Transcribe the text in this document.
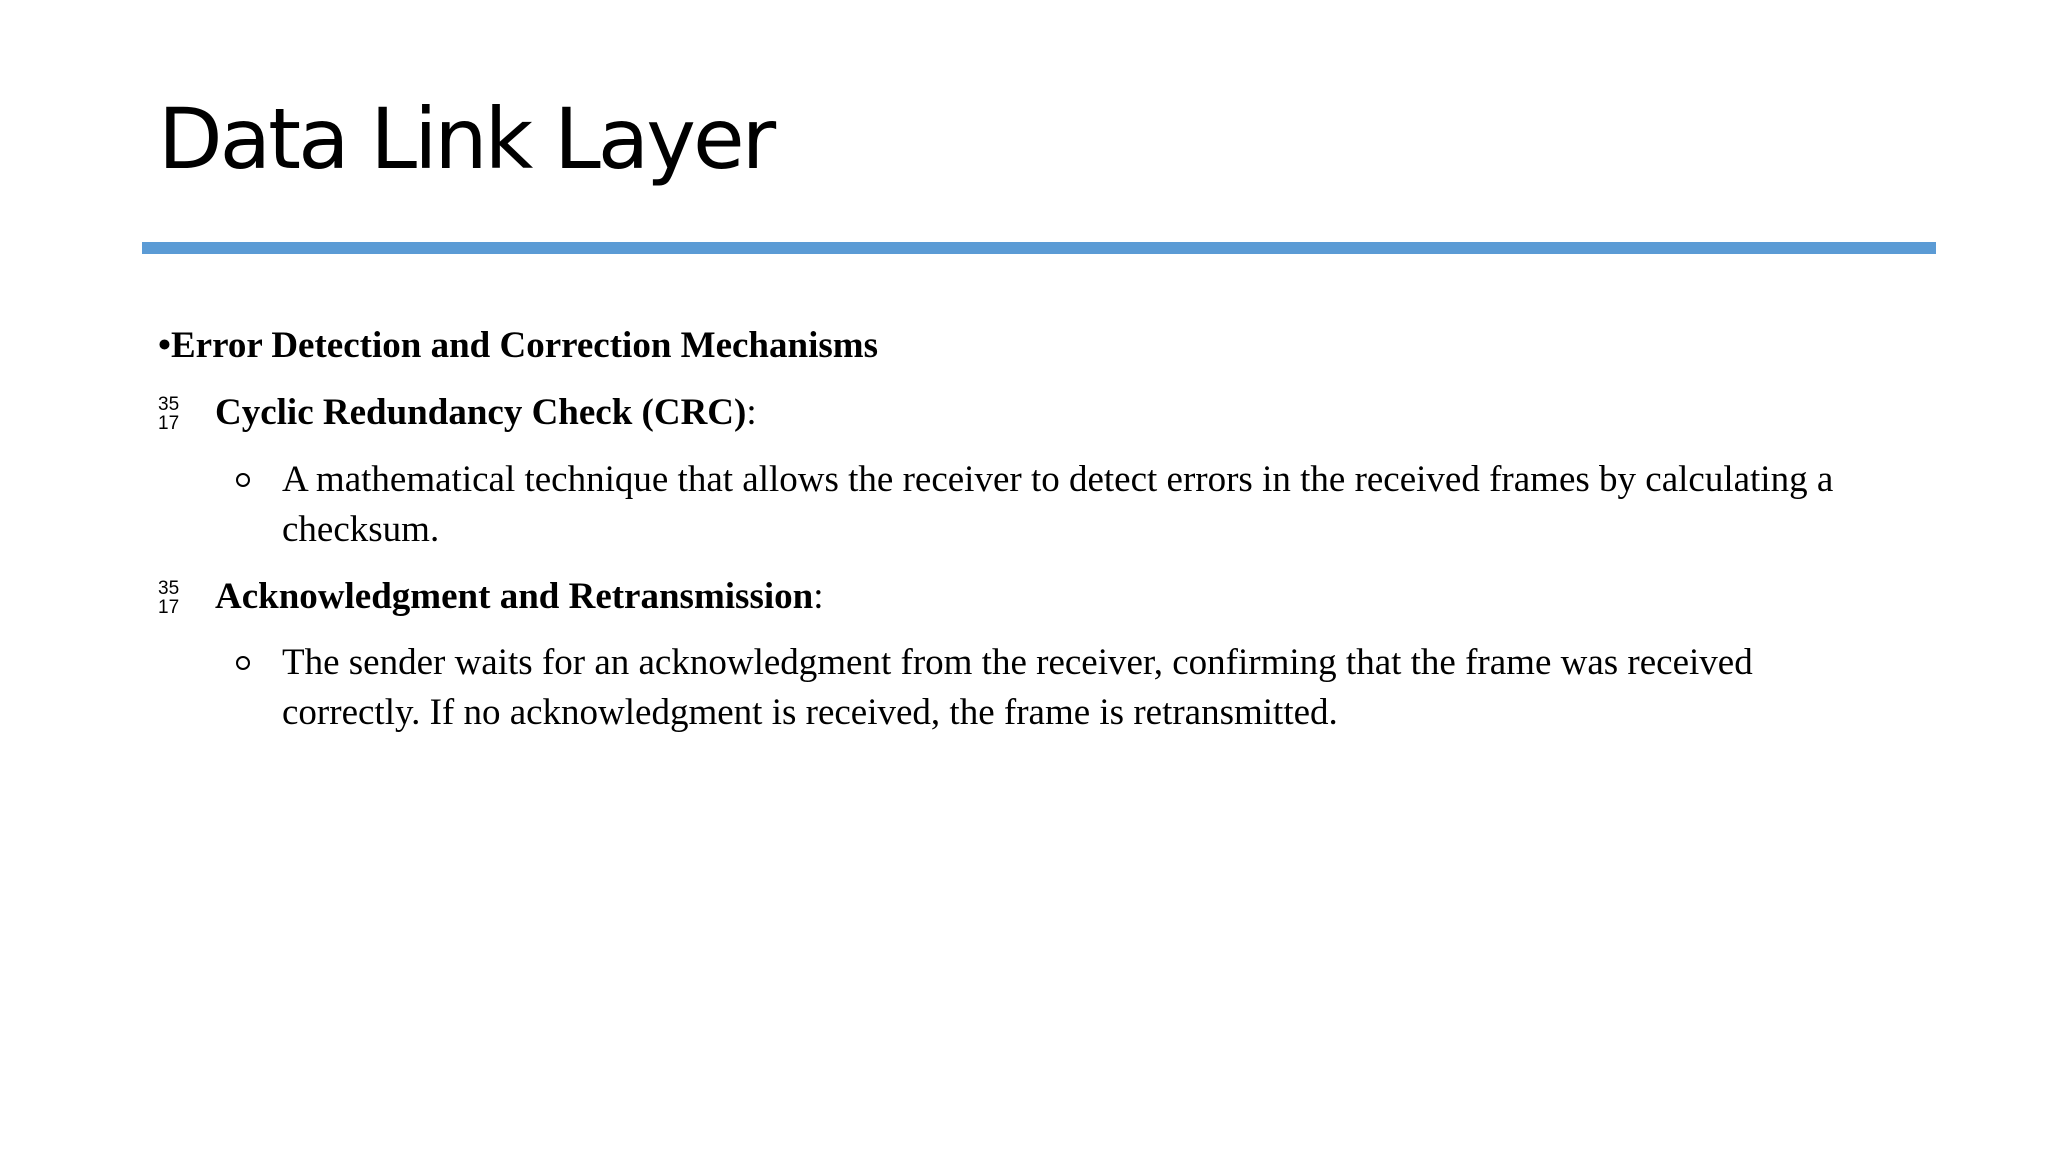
Data Link Layer
•Error Detection and Correction Mechanisms
35
17 Cyclic Redundancy Check (CRC):
A mathematical technique that allows the receiver to detect errors in the received frames by calculating a checksum.
35
17 Acknowledgment and Retransmission:
The sender waits for an acknowledgment from the receiver, confirming that the frame was received correctly. If no acknowledgment is received, the frame is retransmitted.
